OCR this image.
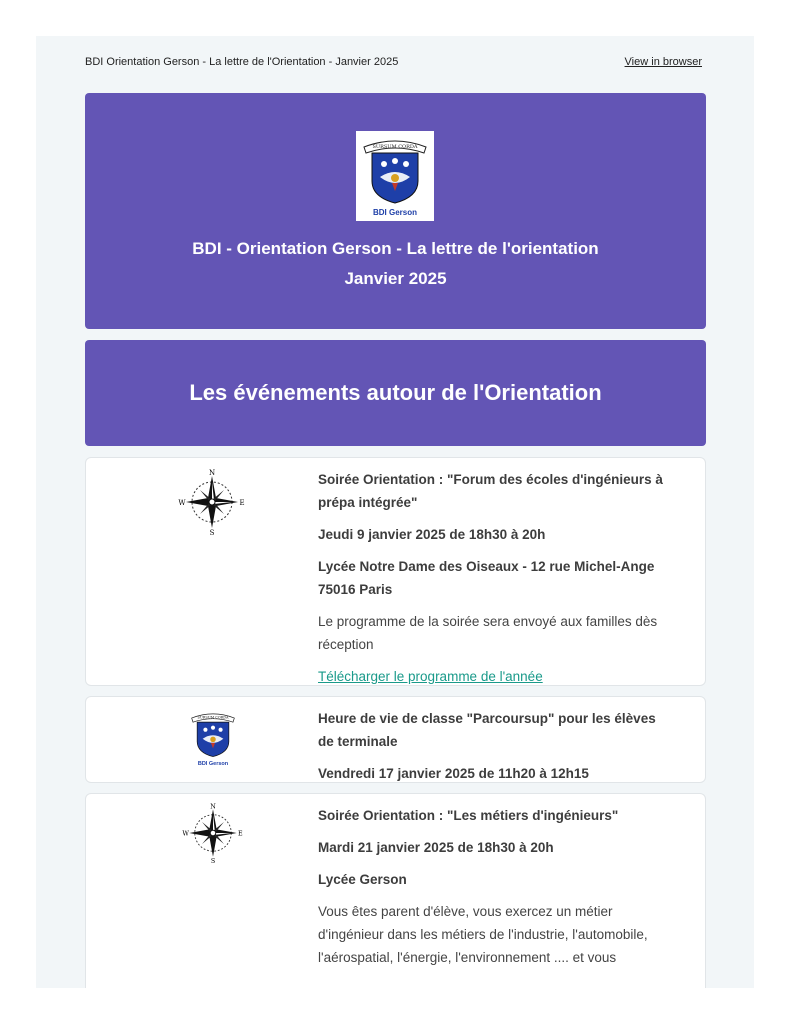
BDI Orientation Gerson - La lettre de l'Orientation - Janvier 2025	View in browser
SURSUM CORDA
BDI Gerson
BDI - Orientation Gerson - La lettre de l'orientation
Janvier 2025
Les événements autour de l'Orientation
N
S
E
W

Soirée Orientation : "Forum des écoles d'ingénieurs à prépa intégrée"

Jeudi 9 janvier 2025 de 18h30 à 20h

Lycée Notre Dame des Oiseaux - 12 rue Michel-Ange 75016 Paris

Le programme de la soirée sera envoyé aux familles dès réception

Télécharger le programme de l'année

SURSUM CORDA
BDI Gerson

Heure de vie de classe "Parcoursup" pour les élèves de terminale

Vendredi 17 janvier 2025 de 11h20 à 12h15

N
S
E
W

Soirée Orientation : "Les métiers d'ingénieurs"

Mardi 21 janvier 2025 de 18h30 à 20h

Lycée Gerson

Vous êtes parent d'élève, vous exercez un métier d'ingénieur dans les métiers de l'industrie, l'automobile, l'aérospatial, l'énergie, l'environnement .... et vous
